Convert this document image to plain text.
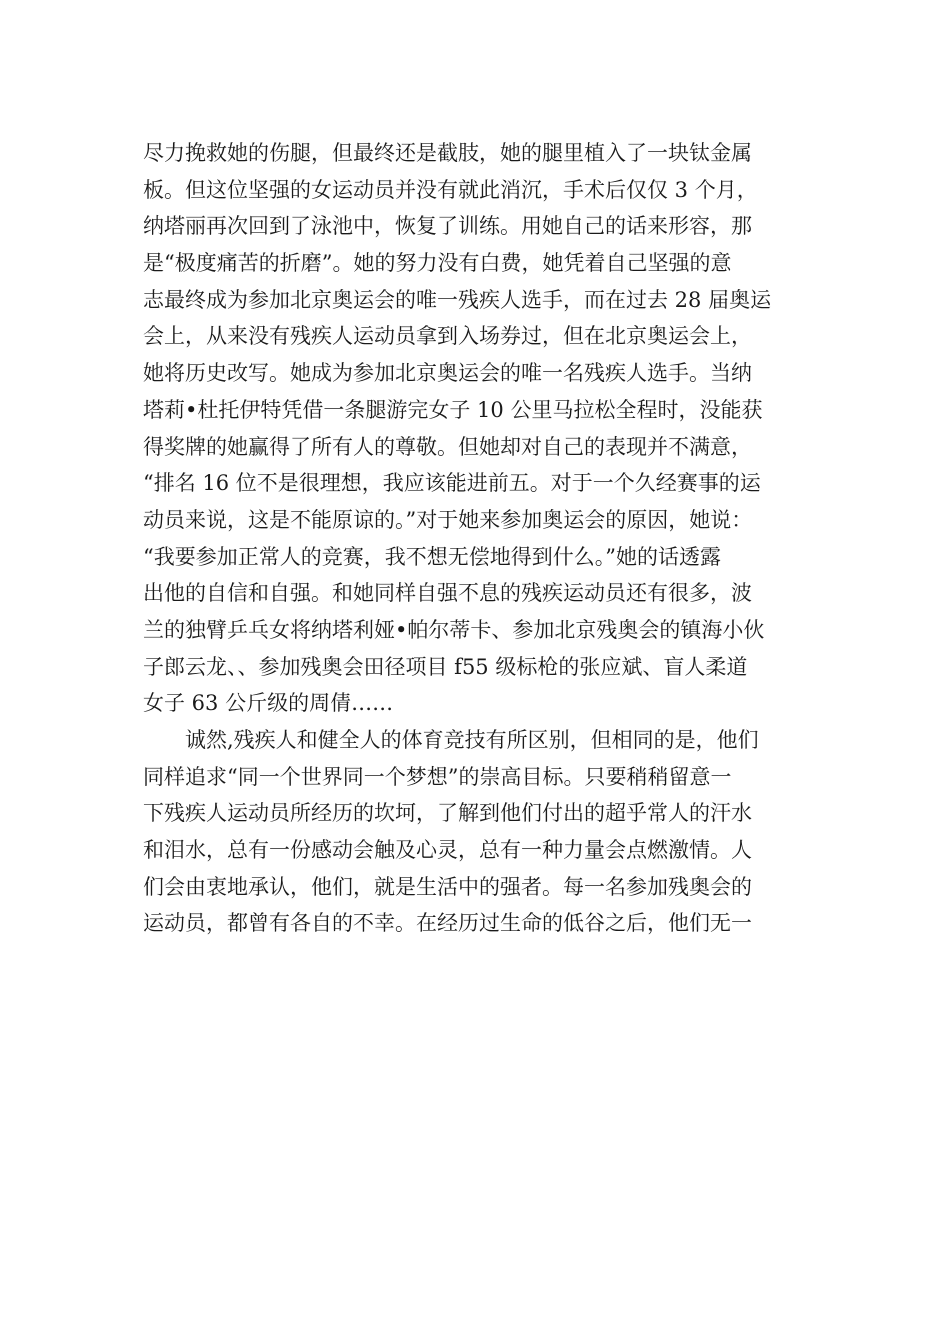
尽力挽救她的伤腿，但最终还是截肢，她的腿里植入了一块钛金属
板。但这位坚强的女运动员并没有就此消沉，手术后仅仅 3 个月，
纳塔丽再次回到了泳池中，恢复了训练。用她自己的话来形容，那
是“极度痛苦的折磨”。她的努力没有白费，她凭着自己坚强的意
志最终成为参加北京奥运会的唯一残疾人选手，而在过去 28 届奥运
会上，从来没有残疾人运动员拿到入场券过，但在北京奥运会上，
她将历史改写。她成为参加北京奥运会的唯一名残疾人选手。当纳
塔莉•杜托伊特凭借一条腿游完女子 10 公里马拉松全程时，没能获
得奖牌的她赢得了所有人的尊敬。但她却对自己的表现并不满意，
“排名 16 位不是很理想，我应该能进前五。对于一个久经赛事的运
动员来说，这是不能原谅的。”对于她来参加奥运会的原因，她说：
“我要参加正常人的竞赛，我不想无偿地得到什么。”她的话透露
出他的自信和自强。和她同样自强不息的残疾运动员还有很多，波
兰的独臂乒乓女将纳塔利娅•帕尔蒂卡、参加北京残奥会的镇海小伙
子郎云龙、、参加残奥会田径项目 f55 级标枪的张应斌、盲人柔道
女子 63 公斤级的周倩……
诚然,残疾人和健全人的体育竞技有所区别，但相同的是，他们
同样追求“同一个世界同一个梦想”的崇高目标。只要稍稍留意一
下残疾人运动员所经历的坎坷，了解到他们付出的超乎常人的汗水
和泪水，总有一份感动会触及心灵，总有一种力量会点燃激情。人
们会由衷地承认，他们，就是生活中的强者。每一名参加残奥会的
运动员，都曾有各自的不幸。在经历过生命的低谷之后，他们无一
